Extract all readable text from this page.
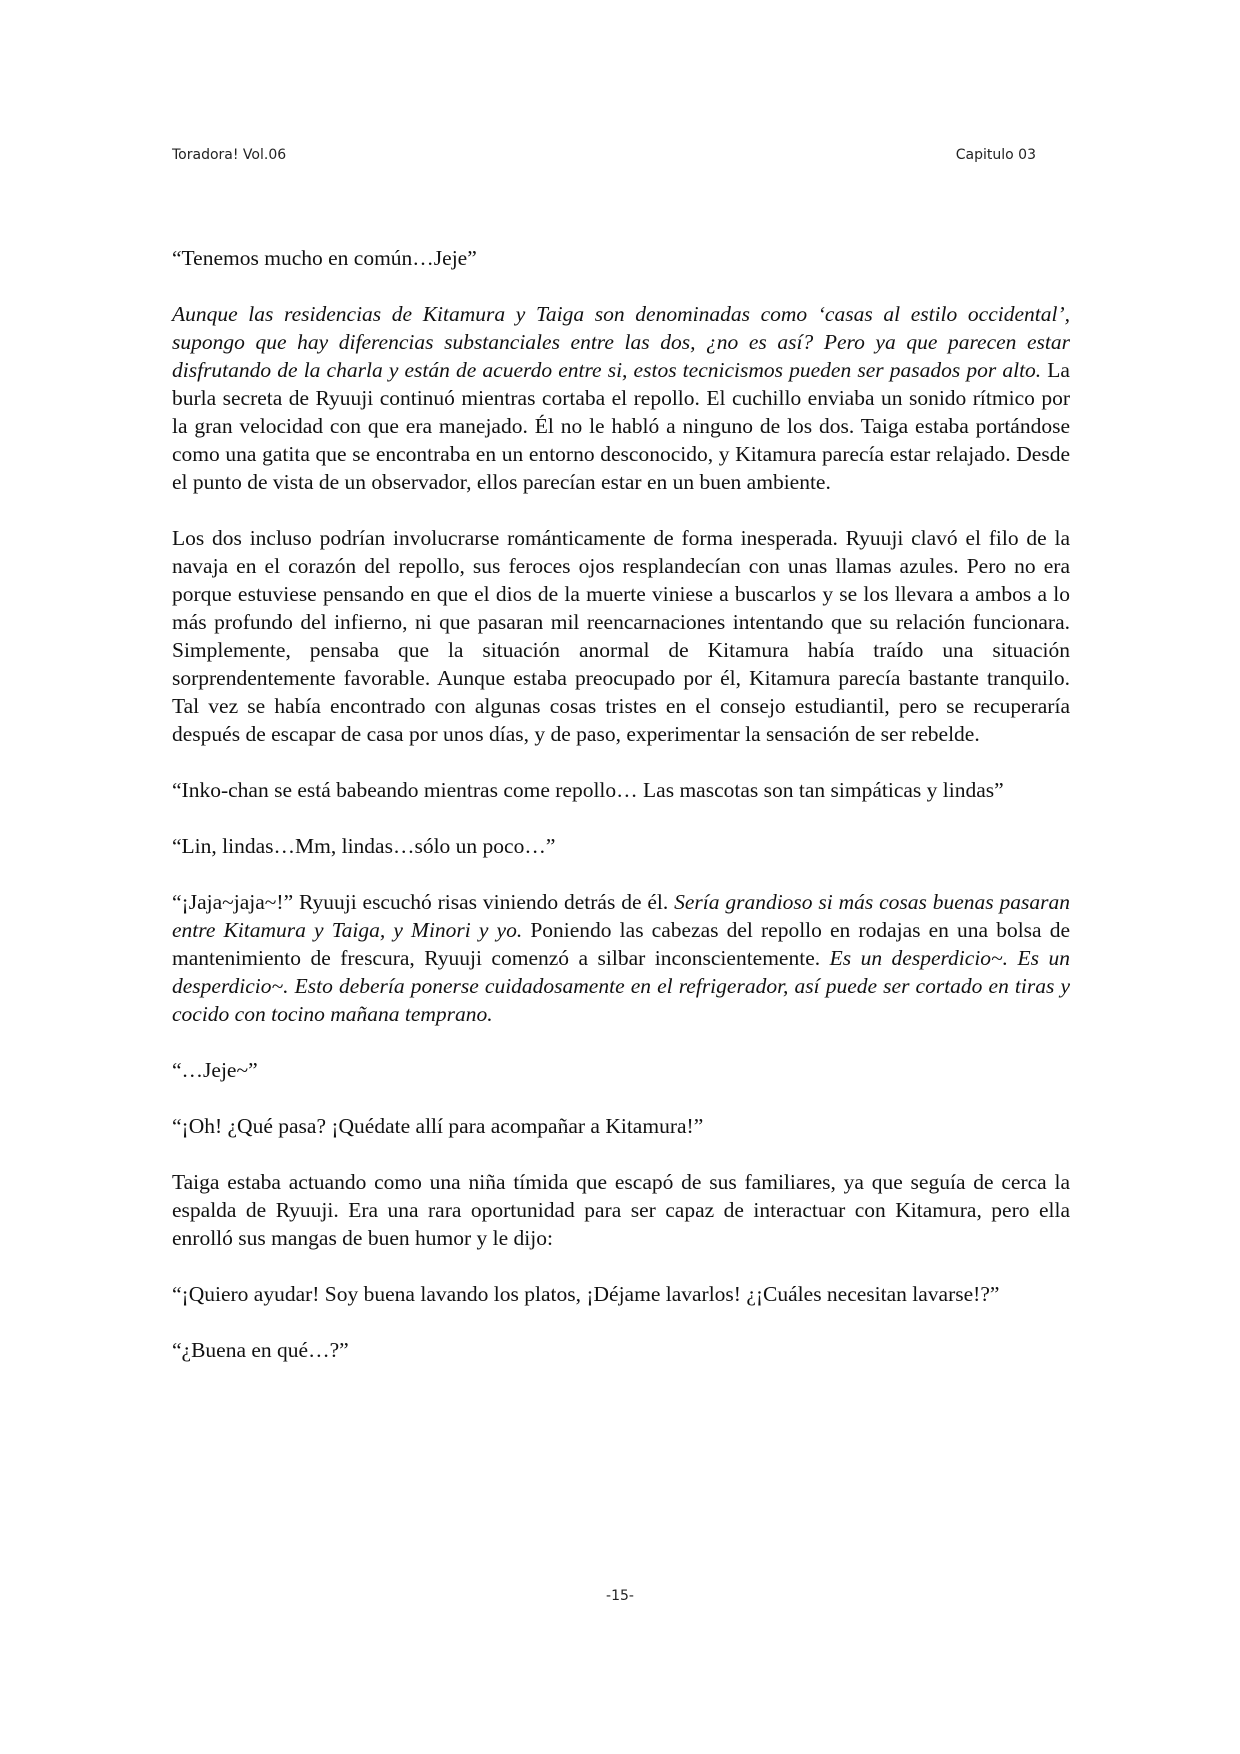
Toradora! Vol.06	Capitulo 03

“Tenemos mucho en común…Jeje”

Aunque las residencias de Kitamura y Taiga son denominadas como ‘casas al estilo occidental’, supongo que hay diferencias substanciales entre las dos, ¿no es así? Pero ya que parecen estar disfrutando de la charla y están de acuerdo entre si, estos tecnicismos pueden ser pasados por alto. La burla secreta de Ryuuji continuó mientras cortaba el repollo. El cuchillo enviaba un sonido rítmico por la gran velocidad con que era manejado. Él no le habló a ninguno de los dos. Taiga estaba portándose como una gatita que se encontraba en un entorno desconocido, y Kitamura parecía estar relajado. Desde el punto de vista de un observador, ellos parecían estar en un buen ambiente.

Los dos incluso podrían involucrarse románticamente de forma inesperada. Ryuuji clavó el filo de la navaja en el corazón del repollo, sus feroces ojos resplandecían con unas llamas azules. Pero no era porque estuviese pensando en que el dios de la muerte viniese a buscarlos y se los llevara a ambos a lo más profundo del infierno, ni que pasaran mil reencarnaciones intentando que su relación funcionara. Simplemente, pensaba que la situación anormal de Kitamura había traído una situación sorprendentemente favorable. Aunque estaba preocupado por él, Kitamura parecía bastante tranquilo. Tal vez se había encontrado con algunas cosas tristes en el consejo estudiantil, pero se recuperaría después de escapar de casa por unos días, y de paso, experimentar la sensación de ser rebelde.

“Inko-chan se está babeando mientras come repollo… Las mascotas son tan simpáticas y lindas”

“Lin, lindas…Mm, lindas…sólo un poco…”

“¡Jaja~jaja~!” Ryuuji escuchó risas viniendo detrás de él. Sería grandioso si más cosas buenas pasaran entre Kitamura y Taiga, y Minori y yo. Poniendo las cabezas del repollo en rodajas en una bolsa de mantenimiento de frescura, Ryuuji comenzó a silbar inconscientemente. Es un desperdicio~. Es un desperdicio~. Esto debería ponerse cuidadosamente en el refrigerador, así puede ser cortado en tiras y cocido con tocino mañana temprano.

“…Jeje~”

“¡Oh! ¿Qué pasa? ¡Quédate allí para acompañar a Kitamura!”

Taiga estaba actuando como una niña tímida que escapó de sus familiares, ya que seguía de cerca la espalda de Ryuuji. Era una rara oportunidad para ser capaz de interactuar con Kitamura, pero ella enrolló sus mangas de buen humor y le dijo:

“¡Quiero ayudar! Soy buena lavando los platos, ¡Déjame lavarlos! ¿¡Cuáles necesitan lavarse!?”

“¿Buena en qué…?”

-15-
